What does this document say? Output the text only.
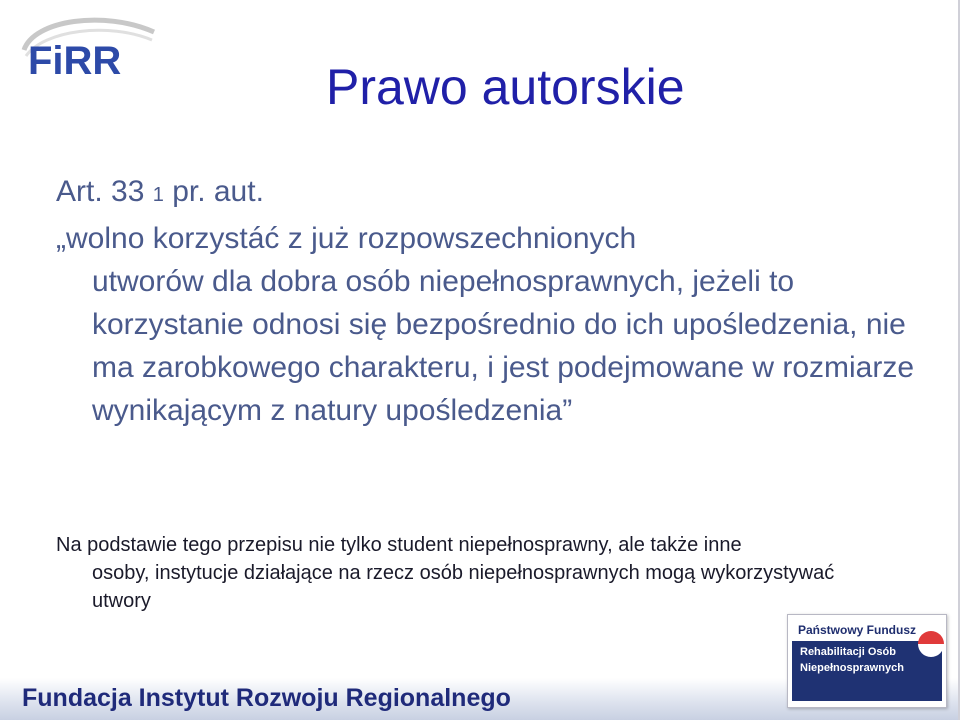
FiRR	Prawo autorskie
Art. 33 1 pr. aut.
„wolno korzystáć z już rozpowszechnionych
utworów dla dobra osób niepełnosprawnych, jeżeli to korzystanie odnosi się bezpośrednio do ich upośledzenia, nie ma zarobkowego charakteru, i jest podejmowane w rozmiarze wynikającym z natury upośledzenia”
Na podstawie tego przepisu nie tylko student niepełnosprawny, ale także inne
osoby, instytucje działające na rzecz osób niepełnosprawnych mogą wykorzystywać utwory
Fundacja Instytut Rozwoju Regionalnego
Państwowy Fundusz
Rehabilitacji Osób
Niepełnosprawnych
